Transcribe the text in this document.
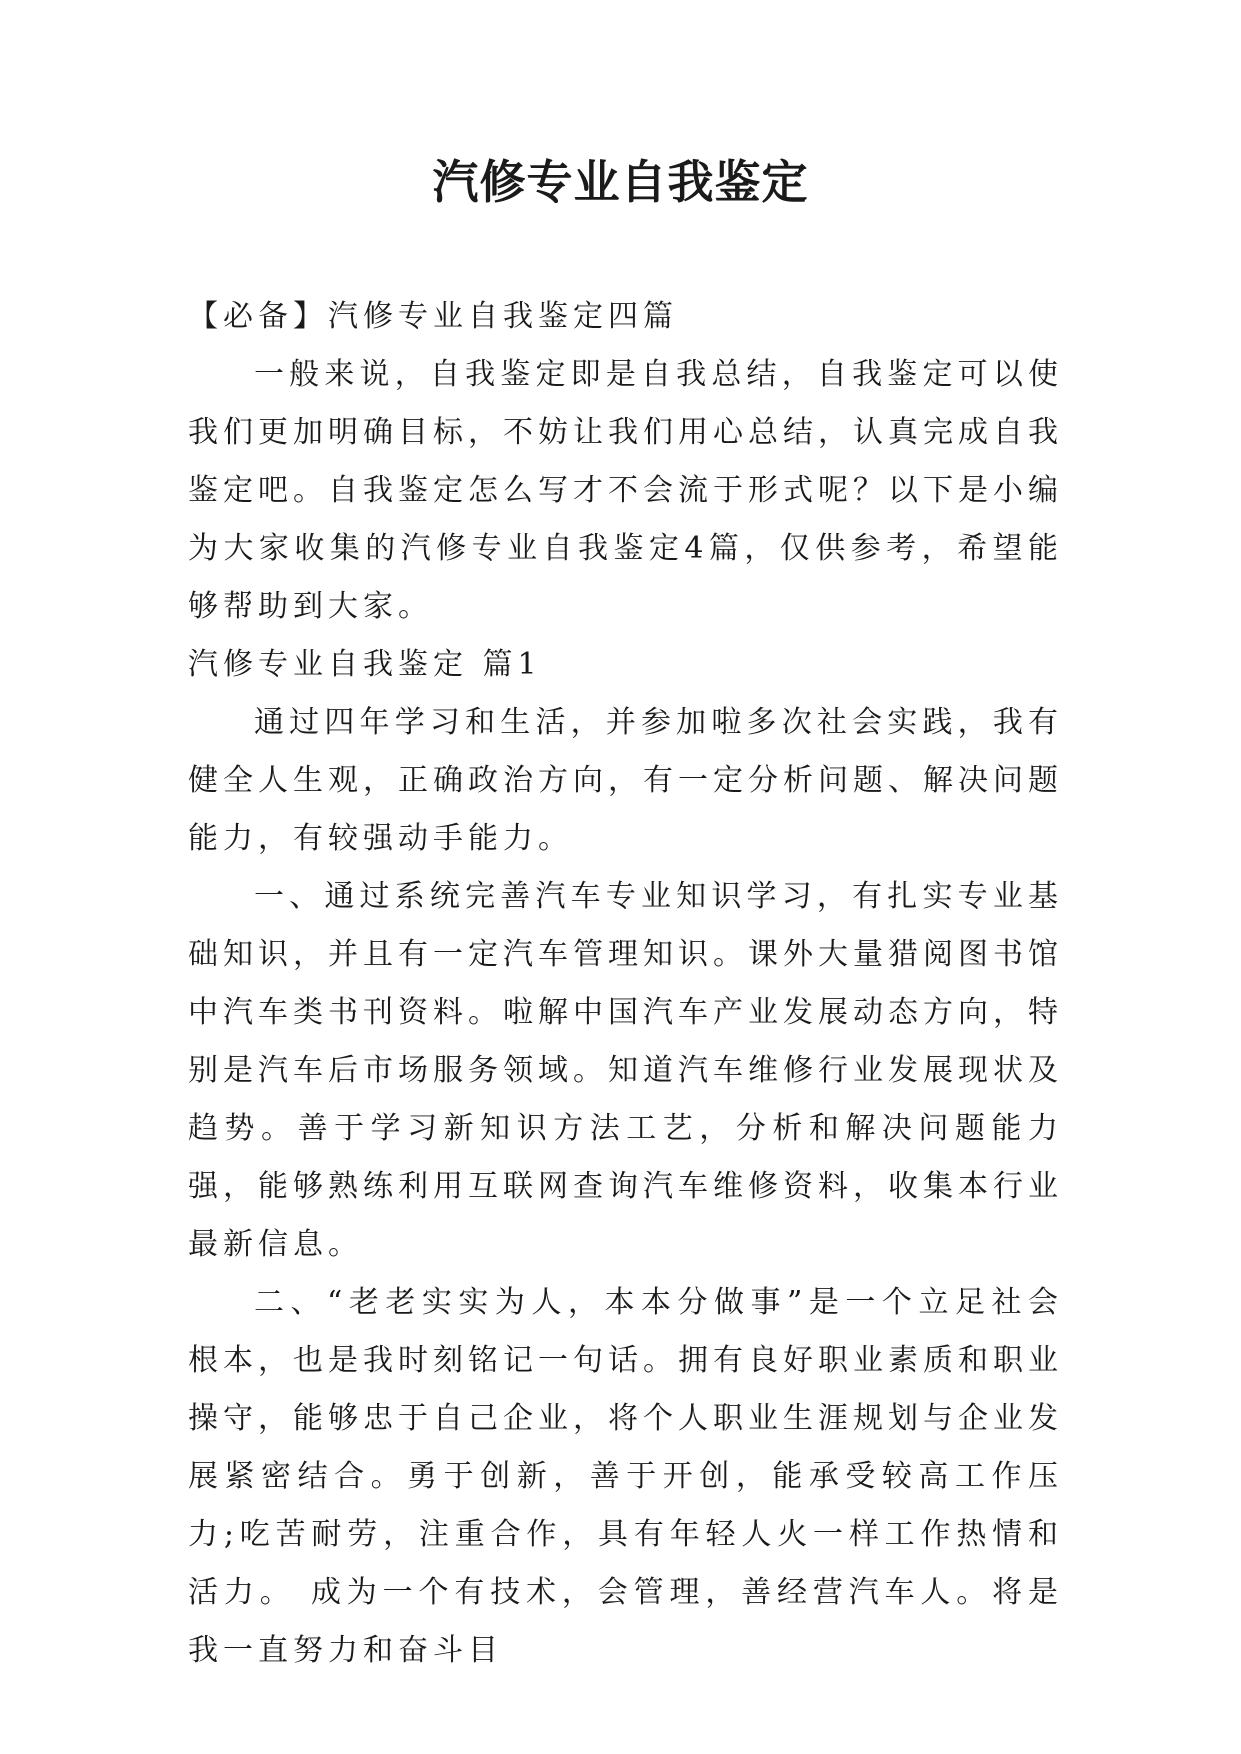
汽修专业自我鉴定

【必备】汽修专业自我鉴定四篇

一般来说，自我鉴定即是自我总结，自我鉴定可以使我们更加明确目标，不妨让我们用心总结，认真完成自我鉴定吧。自我鉴定怎么写才不会流于形式呢？以下是小编为大家收集的汽修专业自我鉴定4篇，仅供参考，希望能够帮助到大家。

汽修专业自我鉴定 篇1

通过四年学习和生活，并参加啦多次社会实践，我有健全人生观，正确政治方向，有一定分析问题、解决问题能力，有较强动手能力。

一、通过系统完善汽车专业知识学习，有扎实专业基础知识，并且有一定汽车管理知识。课外大量猎阅图书馆中汽车类书刊资料。啦解中国汽车产业发展动态方向，特别是汽车后市场服务领域。知道汽车维修行业发展现状及趋势。善于学习新知识方法工艺，分析和解决问题能力强，能够熟练利用互联网查询汽车维修资料，收集本行业最新信息。

二、“老老实实为人，本本分做事”是一个立足社会根本，也是我时刻铭记一句话。拥有良好职业素质和职业操守，能够忠于自己企业，将个人职业生涯规划与企业发展紧密结合。勇于创新，善于开创，能承受较高工作压力;吃苦耐劳，注重合作，具有年轻人火一样工作热情和活力。 成为一个有技术，会管理，善经营汽车人。将是我一直努力和奋斗目
